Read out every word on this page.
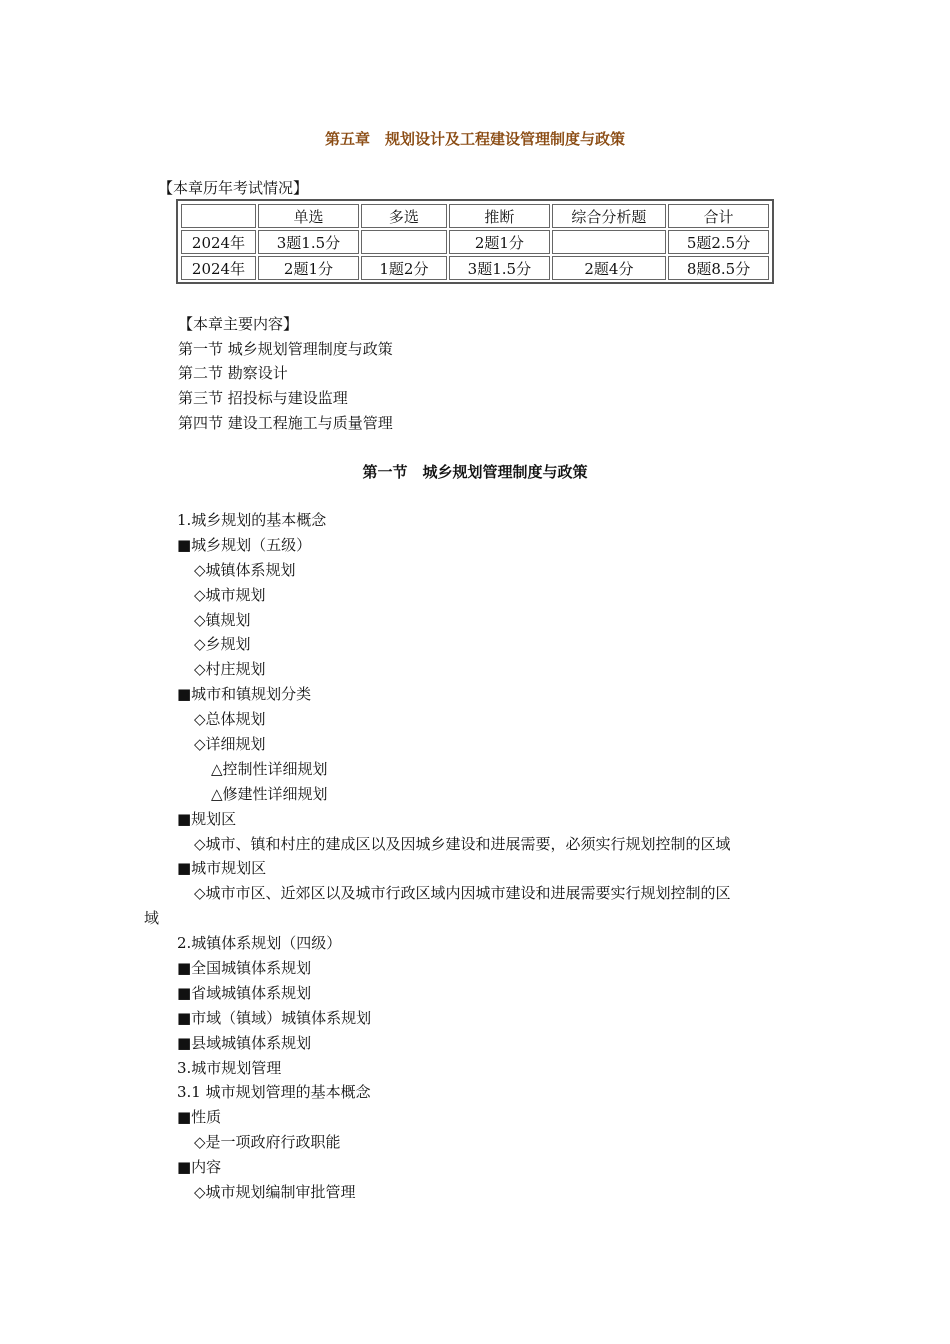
第五章　规划设计及工程建设管理制度与政策
【本章历年考试情况】
	单选	多选	推断	综合分析题	合计
2024年	3题1.5分		2题1分		5题2.5分
2024年	2题1分	1题2分	3题1.5分	2题4分	8题8.5分
【本章主要内容】
第一节 城乡规划管理制度与政策
第二节 勘察设计
第三节 招投标与建设监理
第四节 建设工程施工与质量管理
第一节　城乡规划管理制度与政策
1.城乡规划的基本概念
■城乡规划（五级）
◇城镇体系规划
◇城市规划
◇镇规划
◇乡规划
◇村庄规划
■城市和镇规划分类
◇总体规划
◇详细规划
△控制性详细规划
△修建性详细规划
■规划区
◇城市、镇和村庄的建成区以及因城乡建设和进展需要，必须实行规划控制的区域
■城市规划区
◇城市市区、近郊区以及城市行政区域内因城市建设和进展需要实行规划控制的区
域
2.城镇体系规划（四级）
■全国城镇体系规划
■省域城镇体系规划
■市域（镇域）城镇体系规划
■县域城镇体系规划
3.城市规划管理
3.1 城市规划管理的基本概念
■性质
◇是一项政府行政职能
■内容
◇城市规划编制审批管理
